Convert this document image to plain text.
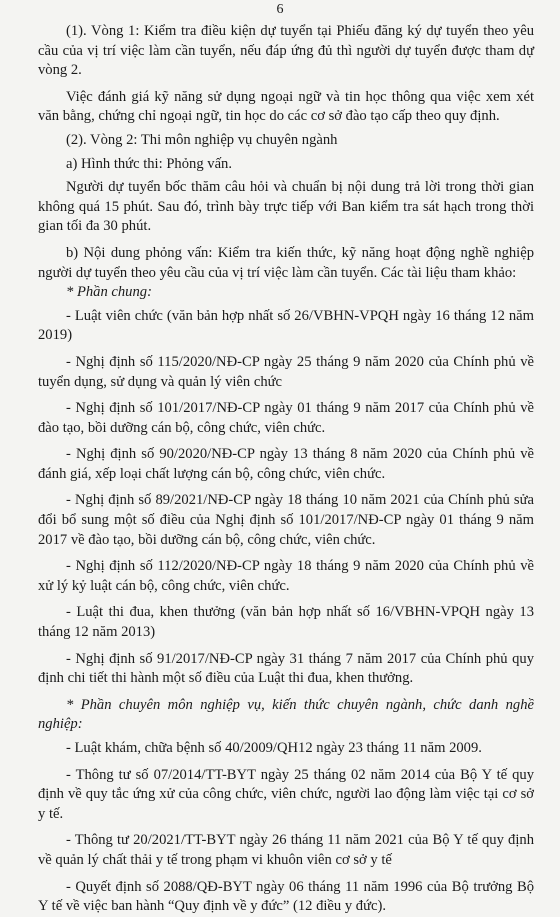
6

(1). Vòng 1: Kiểm tra điều kiện dự tuyển tại Phiếu đăng ký dự tuyển theo yêu cầu của vị trí việc làm cần tuyển, nếu đáp ứng đủ thì người dự tuyển được tham dự vòng 2.

Việc đánh giá kỹ năng sử dụng ngoại ngữ và tin học thông qua việc xem xét văn bằng, chứng chỉ ngoại ngữ, tin học do các cơ sở đào tạo cấp theo quy định.

(2). Vòng 2: Thi môn nghiệp vụ chuyên ngành

a) Hình thức thi: Phỏng vấn.

Người dự tuyển bốc thăm câu hỏi và chuẩn bị nội dung trả lời trong thời gian không quá 15 phút. Sau đó, trình bày trực tiếp với Ban kiểm tra sát hạch trong thời gian tối đa 30 phút.

b) Nội dung phỏng vấn: Kiểm tra kiến thức, kỹ năng hoạt động nghề nghiệp người dự tuyển theo yêu cầu của vị trí việc làm cần tuyển. Các tài liệu tham khảo:

* Phần chung:

- Luật viên chức (văn bản hợp nhất số 26/VBHN-VPQH ngày 16 tháng 12 năm 2019)

- Nghị định số 115/2020/NĐ-CP ngày 25 tháng 9 năm 2020 của Chính phủ về tuyển dụng, sử dụng và quản lý viên chức

- Nghị định số 101/2017/NĐ-CP ngày 01 tháng 9 năm 2017 của Chính phủ về đào tạo, bồi dưỡng cán bộ, công chức, viên chức.

- Nghị định số 90/2020/NĐ-CP ngày 13 tháng 8 năm 2020 của Chính phủ về đánh giá, xếp loại chất lượng cán bộ, công chức, viên chức.

- Nghị định số 89/2021/NĐ-CP ngày 18 tháng 10 năm 2021 của Chính phủ sửa đổi bổ sung một số điều của Nghị định số 101/2017/NĐ-CP ngày 01 tháng 9 năm 2017 về đào tạo, bồi dưỡng cán bộ, công chức, viên chức.

- Nghị định số 112/2020/NĐ-CP ngày 18 tháng 9 năm 2020 của Chính phủ về xử lý kỷ luật cán bộ, công chức, viên chức.

- Luật thi đua, khen thưởng (văn bản hợp nhất số 16/VBHN-VPQH ngày 13 tháng 12 năm 2013)

- Nghị định số 91/2017/NĐ-CP ngày 31 tháng 7 năm 2017 của Chính phủ quy định chi tiết thi hành một số điều của Luật thi đua, khen thưởng.

* Phần chuyên môn nghiệp vụ, kiến thức chuyên ngành, chức danh nghề nghiệp:

- Luật khám, chữa bệnh số 40/2009/QH12 ngày 23 tháng 11 năm 2009.

- Thông tư số 07/2014/TT-BYT ngày 25 tháng 02 năm 2014 của Bộ Y tế quy định về quy tắc ứng xử của công chức, viên chức, người lao động làm việc tại cơ sở y tế.

- Thông tư 20/2021/TT-BYT ngày 26 tháng 11 năm 2021 của Bộ Y tế quy định về quản lý chất thải y tế trong phạm vi khuôn viên cơ sở y tế

- Quyết định số 2088/QĐ-BYT ngày 06 tháng 11 năm 1996 của Bộ trưởng Bộ Y tế về việc ban hành “Quy định về y đức” (12 điều y đức).
